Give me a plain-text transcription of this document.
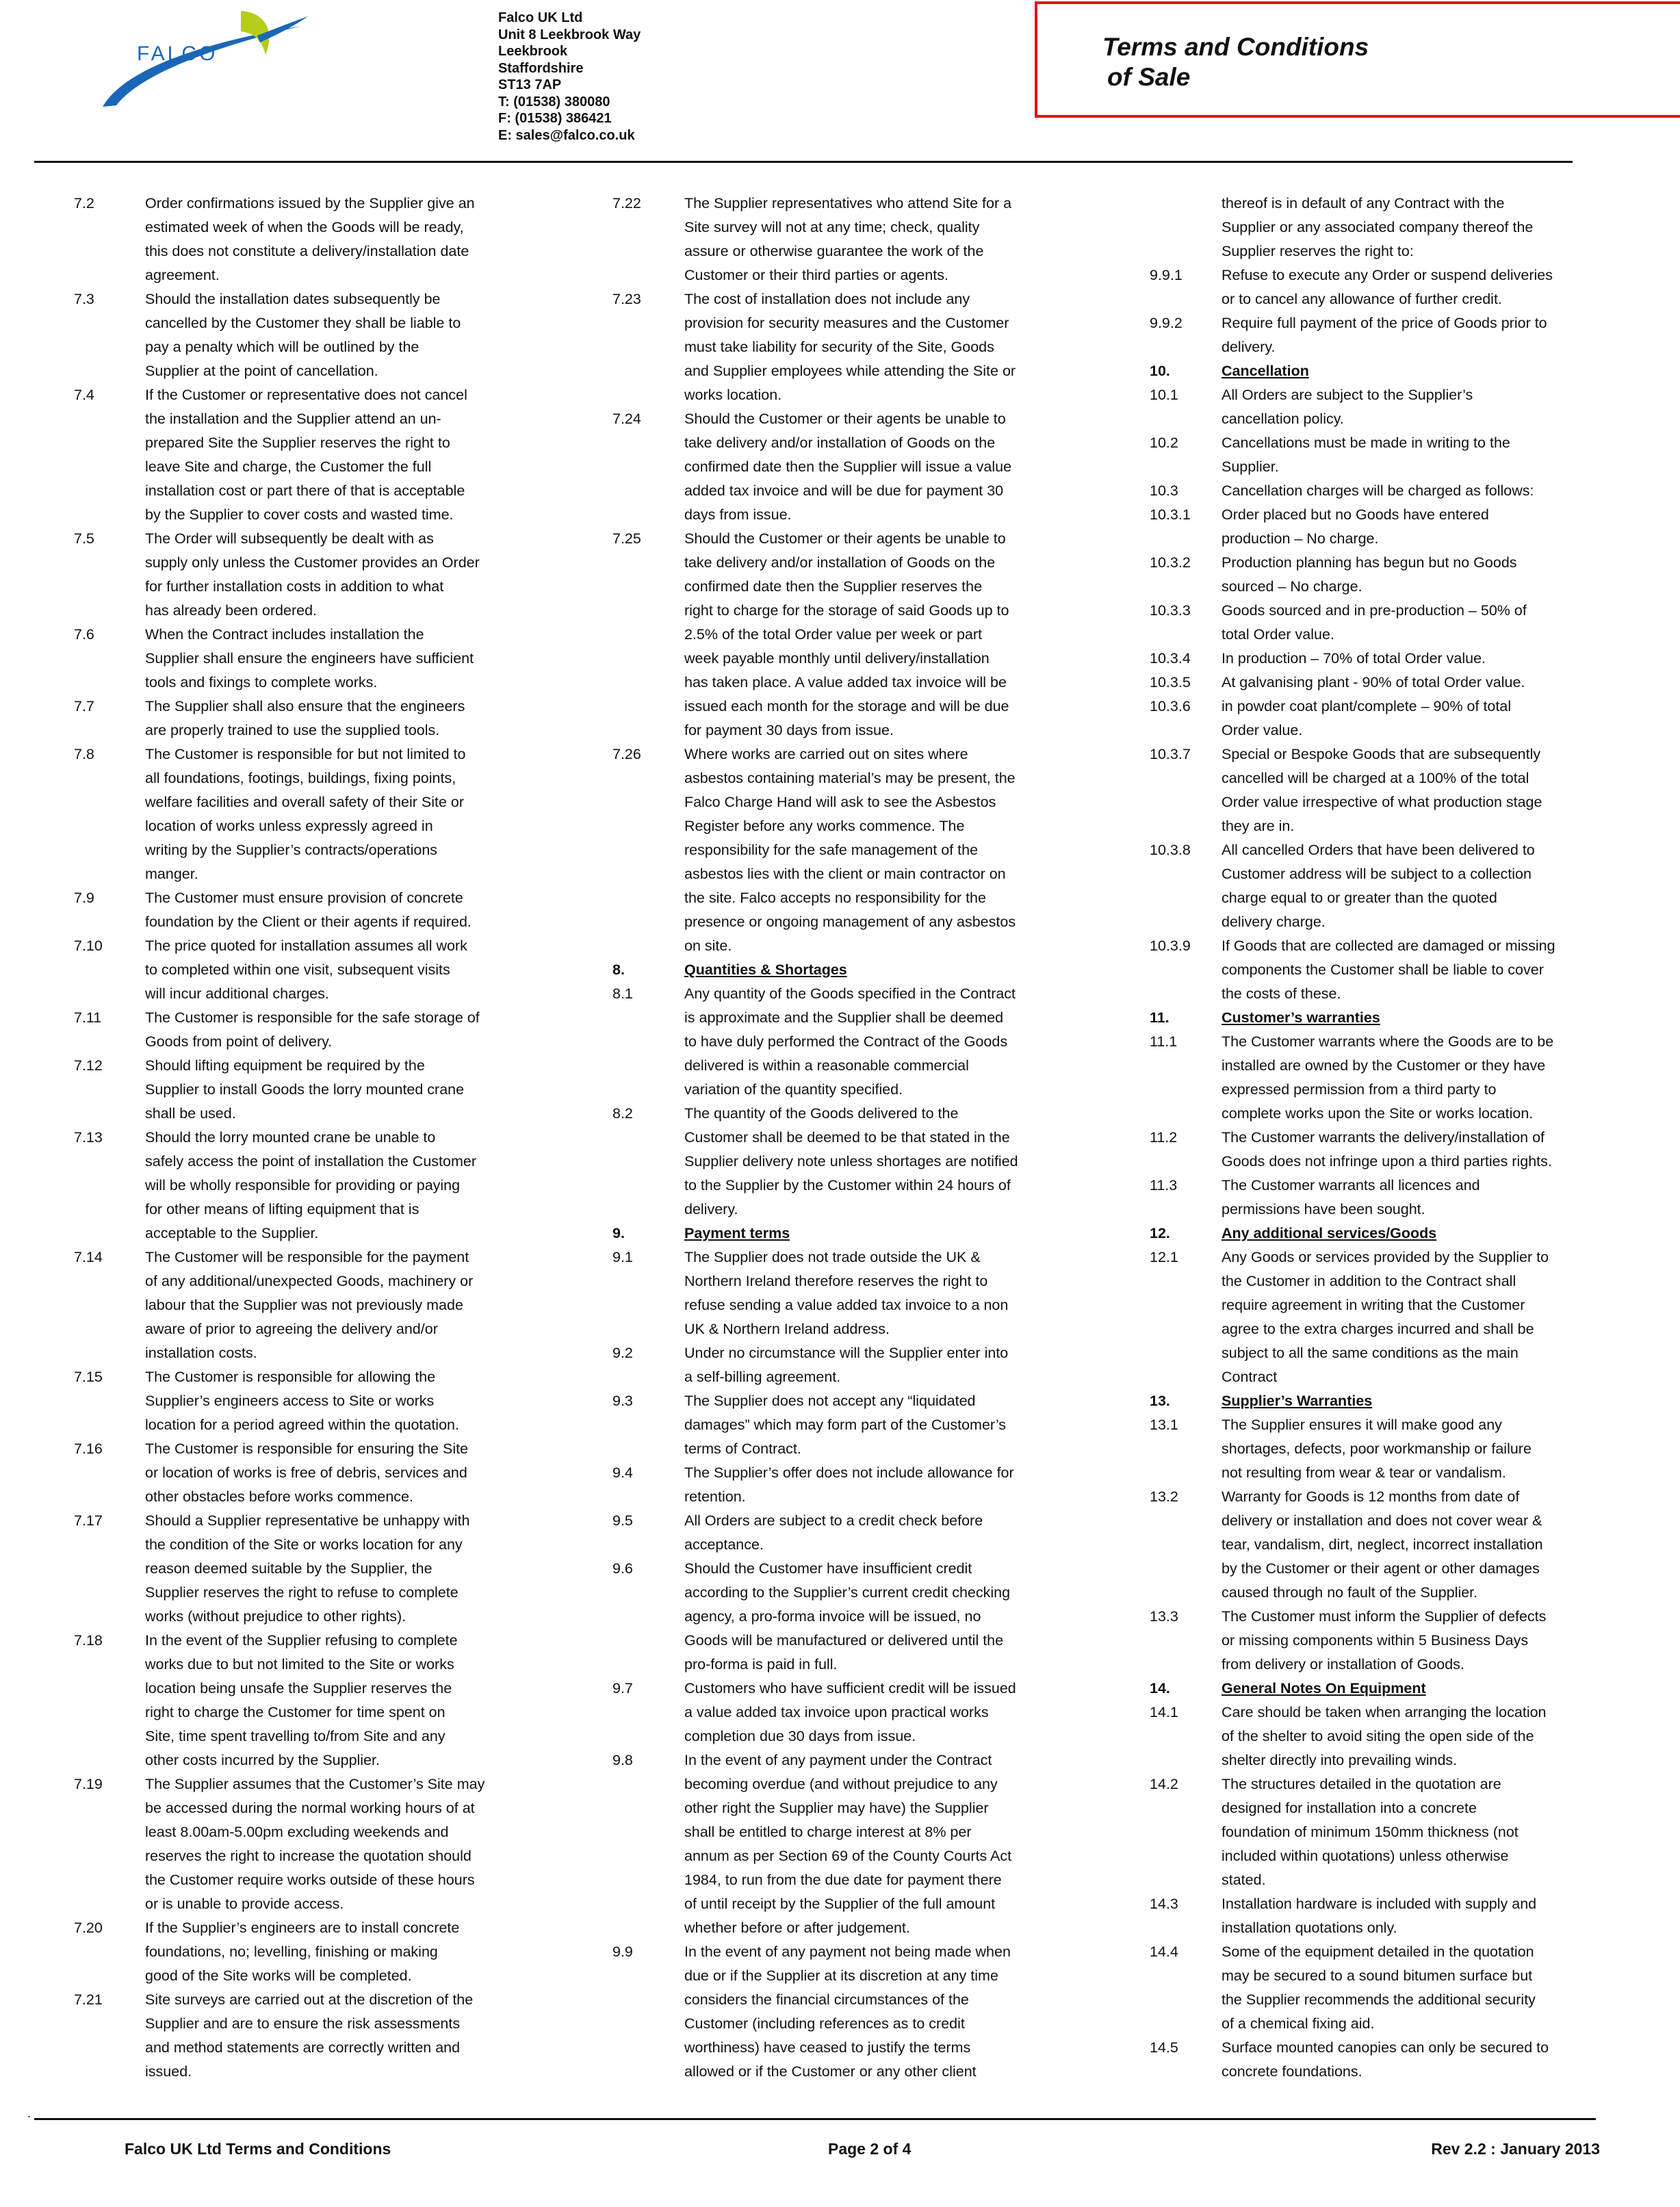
FALCO
Falco UK Ltd
Unit 8 Leekbrook Way
Leekbrook
Staffordshire
ST13 7AP
T: (01538) 380080
F: (01538) 386421
E: sales@falco.co.uk
Terms and Conditions
of Sale
7.2	Order confirmations issued by the Supplier give an
estimated week of when the Goods will be ready,
this does not constitute a delivery/installation date
agreement.
7.3	Should the installation dates subsequently be
cancelled by the Customer they shall be liable to
pay a penalty which will be outlined by the
Supplier at the point of cancellation.
7.4	If the Customer or representative does not cancel
the installation and the Supplier attend an un-
prepared Site the Supplier reserves the right to
leave Site and charge, the Customer the full
installation cost or part there of that is acceptable
by the Supplier to cover costs and wasted time.
7.5	The Order will subsequently be dealt with as
supply only unless the Customer provides an Order
for further installation costs in addition to what
has already been ordered.
7.6	When the Contract includes installation the
Supplier shall ensure the engineers have sufficient
tools and fixings to complete works.
7.7	The Supplier shall also ensure that the engineers
are properly trained to use the supplied tools.
7.8	The Customer is responsible for but not limited to
all foundations, footings, buildings, fixing points,
welfare facilities and overall safety of their Site or
location of works unless expressly agreed in
writing by the Supplier’s contracts/operations
manger.
7.9	The Customer must ensure provision of concrete
foundation by the Client or their agents if required.
7.10	The price quoted for installation assumes all work
to completed within one visit, subsequent visits
will incur additional charges.
7.11	The Customer is responsible for the safe storage of
Goods from point of delivery.
7.12	Should lifting equipment be required by the
Supplier to install Goods the lorry mounted crane
shall be used.
7.13	Should the lorry mounted crane be unable to
safely access the point of installation the Customer
will be wholly responsible for providing or paying
for other means of lifting equipment that is
acceptable to the Supplier.
7.14	The Customer will be responsible for the payment
of any additional/unexpected Goods, machinery or
labour that the Supplier was not previously made
aware of prior to agreeing the delivery and/or
installation costs.
7.15	The Customer is responsible for allowing the
Supplier’s engineers access to Site or works
location for a period agreed within the quotation.
7.16	The Customer is responsible for ensuring the Site
or location of works is free of debris, services and
other obstacles before works commence.
7.17	Should a Supplier representative be unhappy with
the condition of the Site or works location for any
reason deemed suitable by the Supplier, the
Supplier reserves the right to refuse to complete
works (without prejudice to other rights).
7.18	In the event of the Supplier refusing to complete
works due to but not limited to the Site or works
location being unsafe the Supplier reserves the
right to charge the Customer for time spent on
Site, time spent travelling to/from Site and any
other costs incurred by the Supplier.
7.19	The Supplier assumes that the Customer’s Site may
be accessed during the normal working hours of at
least 8.00am-5.00pm excluding weekends and
reserves the right to increase the quotation should
the Customer require works outside of these hours
or is unable to provide access.
7.20	If the Supplier’s engineers are to install concrete
foundations, no; levelling, finishing or making
good of the Site works will be completed.
7.21	Site surveys are carried out at the discretion of the
Supplier and are to ensure the risk assessments
and method statements are correctly written and
issued.
7.22	The Supplier representatives who attend Site for a
Site survey will not at any time; check, quality
assure or otherwise guarantee the work of the
Customer or their third parties or agents.
7.23	The cost of installation does not include any
provision for security measures and the Customer
must take liability for security of the Site, Goods
and Supplier employees while attending the Site or
works location.
7.24	Should the Customer or their agents be unable to
take delivery and/or installation of Goods on the
confirmed date then the Supplier will issue a value
added tax invoice and will be due for payment 30
days from issue.
7.25	Should the Customer or their agents be unable to
take delivery and/or installation of Goods on the
confirmed date then the Supplier reserves the
right to charge for the storage of said Goods up to
2.5% of the total Order value per week or part
week payable monthly until delivery/installation
has taken place. A value added tax invoice will be
issued each month for the storage and will be due
for payment 30 days from issue.
7.26	Where works are carried out on sites where
asbestos containing material’s may be present, the
Falco Charge Hand will ask to see the Asbestos
Register before any works commence. The
responsibility for the safe management of the
asbestos lies with the client or main contractor on
the site. Falco accepts no responsibility for the
presence or ongoing management of any asbestos
on site.
8.	Quantities & Shortages
8.1	Any quantity of the Goods specified in the Contract
is approximate and the Supplier shall be deemed
to have duly performed the Contract of the Goods
delivered is within a reasonable commercial
variation of the quantity specified.
8.2	The quantity of the Goods delivered to the
Customer shall be deemed to be that stated in the
Supplier delivery note unless shortages are notified
to the Supplier by the Customer within 24 hours of
delivery.
9.	Payment terms
9.1	The Supplier does not trade outside the UK &
Northern Ireland therefore reserves the right to
refuse sending a value added tax invoice to a non
UK & Northern Ireland address.
9.2	Under no circumstance will the Supplier enter into
a self-billing agreement.
9.3	The Supplier does not accept any “liquidated
damages” which may form part of the Customer’s
terms of Contract.
9.4	The Supplier’s offer does not include allowance for
retention.
9.5	All Orders are subject to a credit check before
acceptance.
9.6	Should the Customer have insufficient credit
according to the Supplier’s current credit checking
agency, a pro-forma invoice will be issued, no
Goods will be manufactured or delivered until the
pro-forma is paid in full.
9.7	Customers who have sufficient credit will be issued
a value added tax invoice upon practical works
completion due 30 days from issue.
9.8	In the event of any payment under the Contract
becoming overdue (and without prejudice to any
other right the Supplier may have) the Supplier
shall be entitled to charge interest at 8% per
annum as per Section 69 of the County Courts Act
1984, to run from the due date for payment there
of until receipt by the Supplier of the full amount
whether before or after judgement.
9.9	In the event of any payment not being made when
due or if the Supplier at its discretion at any time
considers the financial circumstances of the
Customer (including references as to credit
worthiness) have ceased to justify the terms
allowed or if the Customer or any other client
thereof is in default of any Contract with the
Supplier or any associated company thereof the
Supplier reserves the right to:
9.9.1	Refuse to execute any Order or suspend deliveries
or to cancel any allowance of further credit.
9.9.2	Require full payment of the price of Goods prior to
delivery.
10.	Cancellation
10.1	All Orders are subject to the Supplier’s
cancellation policy.
10.2	Cancellations must be made in writing to the
Supplier.
10.3	Cancellation charges will be charged as follows:
10.3.1	Order placed but no Goods have entered
production – No charge.
10.3.2	Production planning has begun but no Goods
sourced – No charge.
10.3.3	Goods sourced and in pre-production – 50% of
total Order value.
10.3.4	In production – 70% of total Order value.
10.3.5	At galvanising plant - 90% of total Order value.
10.3.6	in powder coat plant/complete – 90% of total
Order value.
10.3.7	Special or Bespoke Goods that are subsequently
cancelled will be charged at a 100% of the total
Order value irrespective of what production stage
they are in.
10.3.8	All cancelled Orders that have been delivered to
Customer address will be subject to a collection
charge equal to or greater than the quoted
delivery charge.
10.3.9	If Goods that are collected are damaged or missing
components the Customer shall be liable to cover
the costs of these.
11.	Customer’s warranties
11.1	The Customer warrants where the Goods are to be
installed are owned by the Customer or they have
expressed permission from a third party to
complete works upon the Site or works location.
11.2	The Customer warrants the delivery/installation of
Goods does not infringe upon a third parties rights.
11.3	The Customer warrants all licences and
permissions have been sought.
12.	Any additional services/Goods
12.1	Any Goods or services provided by the Supplier to
the Customer in addition to the Contract shall
require agreement in writing that the Customer
agree to the extra charges incurred and shall be
subject to all the same conditions as the main
Contract
13.	Supplier’s Warranties
13.1	The Supplier ensures it will make good any
shortages, defects, poor workmanship or failure
not resulting from wear & tear or vandalism.
13.2	Warranty for Goods is 12 months from date of
delivery or installation and does not cover wear &
tear, vandalism, dirt, neglect, incorrect installation
by the Customer or their agent or other damages
caused through no fault of the Supplier.
13.3	The Customer must inform the Supplier of defects
or missing components within 5 Business Days
from delivery or installation of Goods.
14.	General Notes On Equipment
14.1	Care should be taken when arranging the location
of the shelter to avoid siting the open side of the
shelter directly into prevailing winds.
14.2	The structures detailed in the quotation are
designed for installation into a concrete
foundation of minimum 150mm thickness (not
included within quotations) unless otherwise
stated.
14.3	Installation hardware is included with supply and
installation quotations only.
14.4	Some of the equipment detailed in the quotation
may be secured to a sound bitumen surface but
the Supplier recommends the additional security
of a chemical fixing aid.
14.5	Surface mounted canopies can only be secured to
concrete foundations.
.
Falco UK Ltd Terms and Conditions	Page 2 of 4	Rev 2.2 : January 2013
